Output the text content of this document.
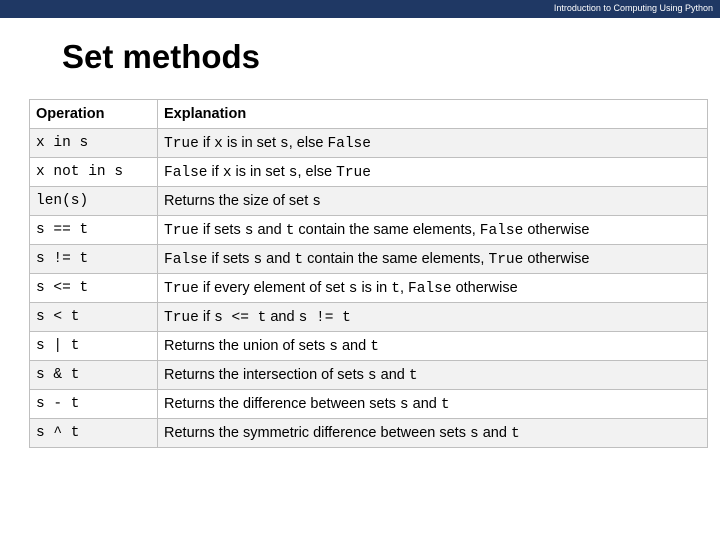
Introduction to Computing Using Python
Set methods
Operation	Explanation
x in s	True if x is in set s, else False
x not in s	False if x is in set s, else True
len(s)	Returns the size of set s
s == t	True if sets s and t contain the same elements, False otherwise
s != t	False if sets s and t contain the same elements, True otherwise
s <= t	True if every element of set s is in t, False otherwise
s < t	True if s <= t and s != t
s | t	Returns the union of sets s and t
s & t	Returns the intersection of sets s and t
s - t	Returns the difference between sets s and t
s ^ t	Returns the symmetric difference between sets s and t
